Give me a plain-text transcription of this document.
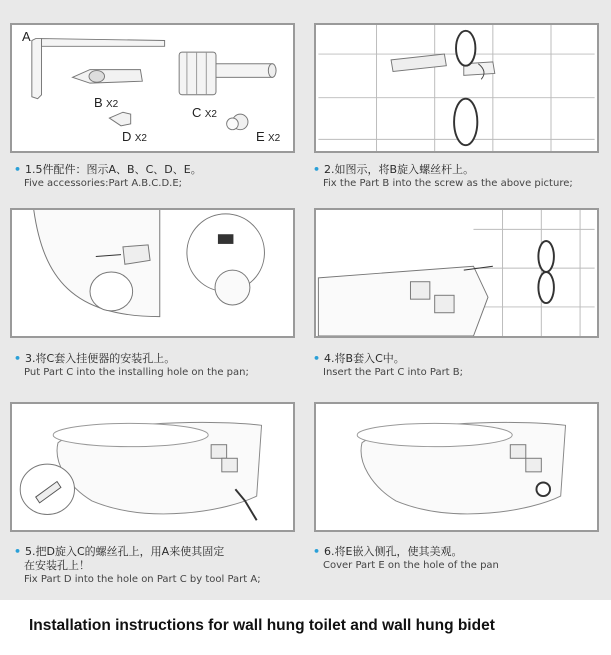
A
B X2
C X2
D X2	E X2
• 1.5件配件：图示A、B、C、D、E。
Five accessories:Part A.B.C.D.E;
• 2.如图示，将B旋入螺丝杆上。
Fix the Part B into the screw as the above picture;
• 3.将C套入挂便器的安装孔上。
Put Part C into the installing hole on the pan;
• 4.将B套入C中。
Insert the Part C into Part B;
• 5.把D旋入C的螺丝孔上，用A来使其固定
在安装孔上！
Fix Part D into the hole on Part C by tool Part A;
• 6.将E嵌入侧孔，使其美观。
Cover Part E on the hole of the pan
Installation instructions for wall hung toilet and wall hung bidet
